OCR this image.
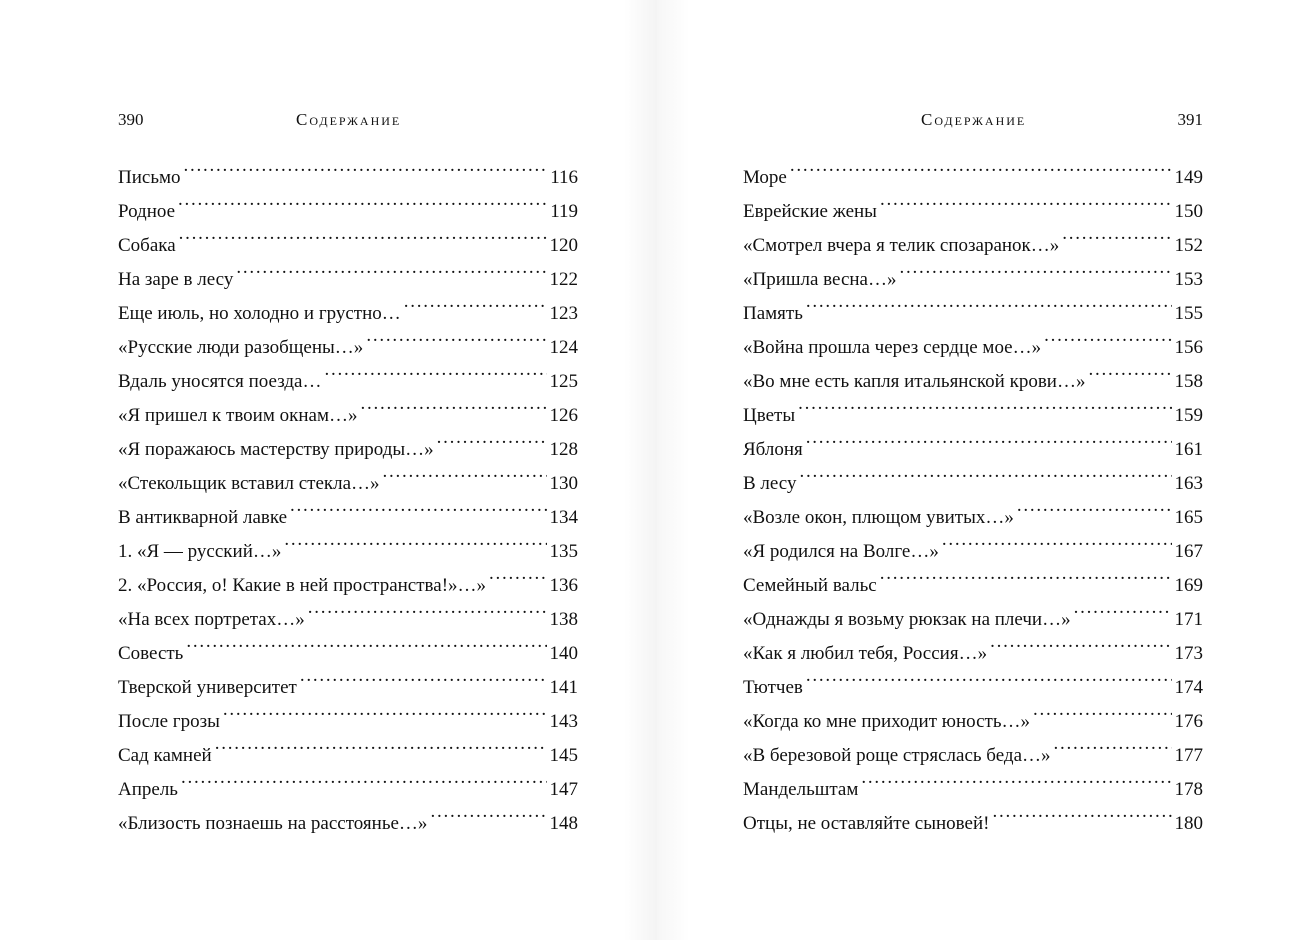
390	Содержание
Письмо . . .	116
Родное . . .	119
Собака . . .	120
На заре в лесу . . .	122
Еще июль, но холодно и грустно… . . .	123
«Русские люди разобщены…» . . .	124
Вдаль уносятся поезда… . . .	125
«Я пришел к твоим окнам…» . . .	126
«Я поражаюсь мастерству природы…» . . .	128
«Стекольщик вставил стекла…» . . .	130
В антикварной лавке . . .	134
1. «Я — русский…» . . .	135
2. «Россия, о! Какие в ней пространства!»…» . . .	136
«На всех портретах…» . . .	138
Совесть . . .	140
Тверской университет . . .	141
После грозы . . .	143
Сад камней . . .	145
Апрель . . .	147
«Близость познаешь на расстоянье…» . . .	148
Содержание	391
Море . . .	149
Еврейские жены . . .	150
«Смотрел вчера я телик спозаранок…» . . .	152
«Пришла весна…» . . .	153
Память . . .	155
«Война прошла через сердце мое…» . . .	156
«Во мне есть капля итальянской крови…» . . .	158
Цветы . . .	159
Яблоня . . .	161
В лесу . . .	163
«Возле окон, плющом увитых…» . . .	165
«Я родился на Волге…» . . .	167
Семейный вальс . . .	169
«Однажды я возьму рюкзак на плечи…» . . .	171
«Как я любил тебя, Россия…» . . .	173
Тютчев . . .	174
«Когда ко мне приходит юность…» . . .	176
«В березовой роще стряслась беда…» . . .	177
Мандельштам . . .	178
Отцы, не оставляйте сыновей! . . .	180
